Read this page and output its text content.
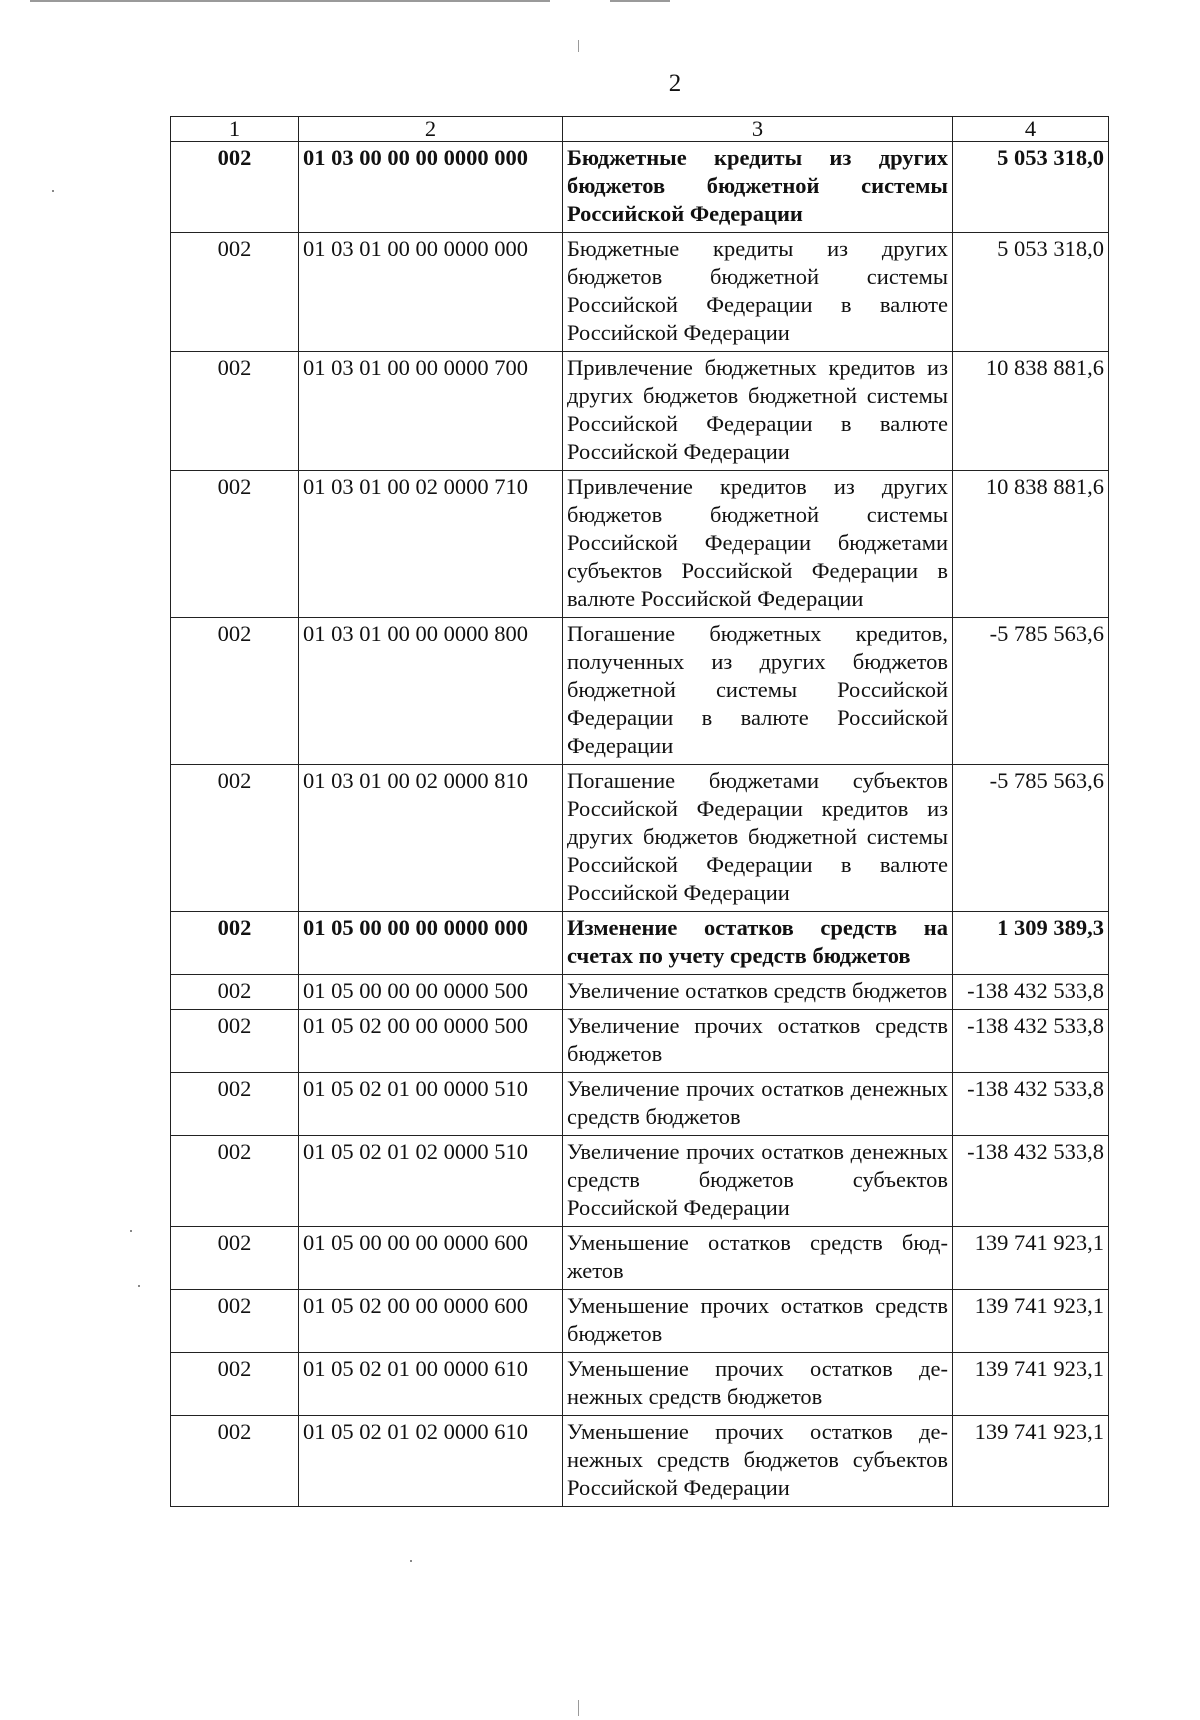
2
1	2	3	4
002	01 03 00 00 00 0000 000	Бюджетные кредиты из других бюджетов бюджетной системы Российской Федерации	5 053 318,0
002	01 03 01 00 00 0000 000	Бюджетные кредиты из других бюджетов бюджетной системы Российской Федерации в валюте Российской Федерации	5 053 318,0
002	01 03 01 00 00 0000 700	Привлечение бюджетных кредитов из других бюджетов бюджетной системы Российской Федерации в валюте Российской Федерации	10 838 881,6
002	01 03 01 00 02 0000 710	Привлечение кредитов из других бюджетов бюджетной системы Российской Федерации бюджетами субъектов Российской Федерации в валюте Российской Федерации	10 838 881,6
002	01 03 01 00 00 0000 800	Погашение бюджетных кредитов, полученных из других бюджетов бюджетной системы Российской Федерации в валюте Российской Федерации	-5 785 563,6
002	01 03 01 00 02 0000 810	Погашение бюджетами субъектов Российской Федерации кредитов из других бюджетов бюджетной системы Российской Федерации в валюте Российской Федерации	-5 785 563,6
002	01 05 00 00 00 0000 000	Изменение остатков средств на счетах по учету средств бюджетов	1 309 389,3
002	01 05 00 00 00 0000 500	Увеличение остатков средств бюджетов	-138 432 533,8
002	01 05 02 00 00 0000 500	Увеличение прочих остатков средств бюджетов	-138 432 533,8
002	01 05 02 01 00 0000 510	Увеличение прочих остатков денежных средств бюджетов	-138 432 533,8
002	01 05 02 01 02 0000 510	Увеличение прочих остатков денежных средств бюджетов субъектов Российской Федерации	-138 432 533,8
002	01 05 00 00 00 0000 600	Уменьшение остатков средств бюджетов	139 741 923,1
002	01 05 02 00 00 0000 600	Уменьшение прочих остатков средств бюджетов	139 741 923,1
002	01 05 02 01 00 0000 610	Уменьшение прочих остатков денежных средств бюджетов	139 741 923,1
002	01 05 02 01 02 0000 610	Уменьшение прочих остатков денежных средств бюджетов субъектов Российской Федерации	139 741 923,1
